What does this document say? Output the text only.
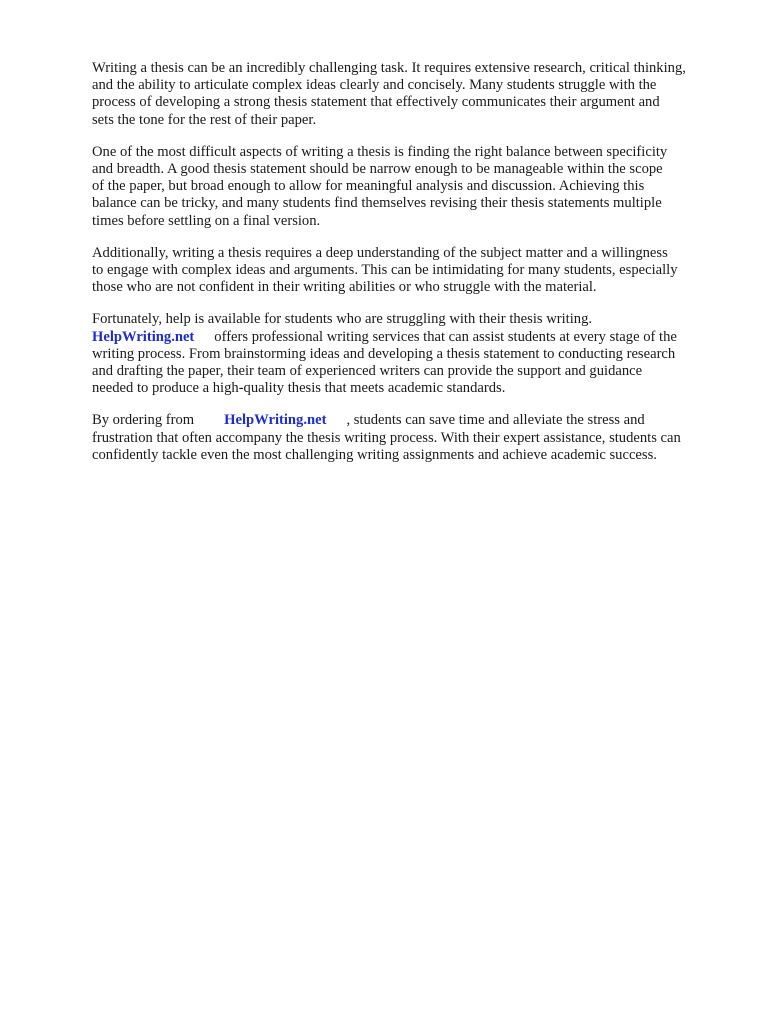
Writing a thesis can be an incredibly challenging task. It requires extensive research, critical thinking,
and the ability to articulate complex ideas clearly and concisely. Many students struggle with the
process of developing a strong thesis statement that effectively communicates their argument and
sets the tone for the rest of their paper.

One of the most difficult aspects of writing a thesis is finding the right balance between specificity
and breadth. A good thesis statement should be narrow enough to be manageable within the scope
of the paper, but broad enough to allow for meaningful analysis and discussion. Achieving this
balance can be tricky, and many students find themselves revising their thesis statements multiple
times before settling on a final version.

Additionally, writing a thesis requires a deep understanding of the subject matter and a willingness
to engage with complex ideas and arguments. This can be intimidating for many students, especially
those who are not confident in their writing abilities or who struggle with the material.

Fortunately, help is available for students who are struggling with their thesis writing.
HelpWriting.net offers professional writing services that can assist students at every stage of the
writing process. From brainstorming ideas and developing a thesis statement to conducting research
and drafting the paper, their team of experienced writers can provide the support and guidance
needed to produce a high-quality thesis that meets academic standards.

By ordering from HelpWriting.net , students can save time and alleviate the stress and
frustration that often accompany the thesis writing process. With their expert assistance, students can
confidently tackle even the most challenging writing assignments and achieve academic success.
